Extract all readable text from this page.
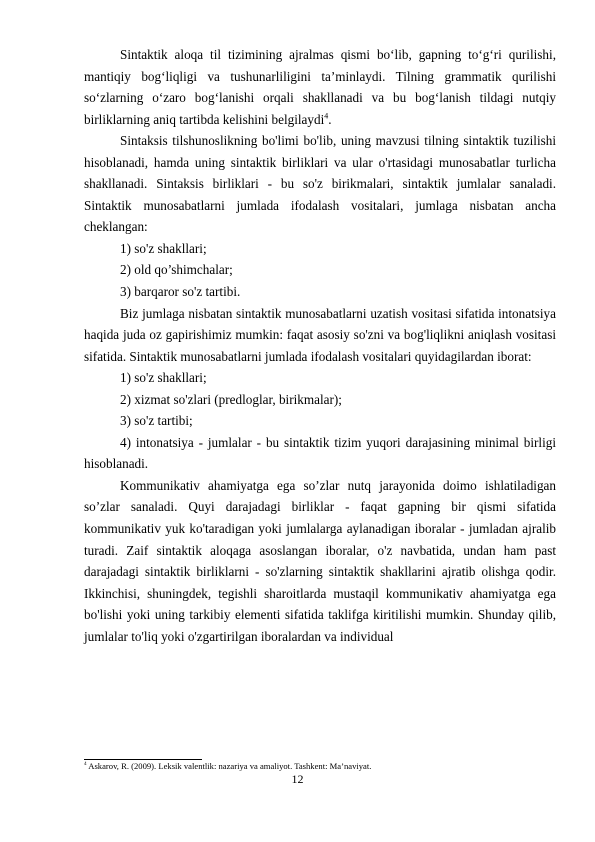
Sintaktik aloqa til tizimining ajralmas qismi bo‘lib, gapning to‘g‘ri qurilishi, mantiqiy bog‘liqligi va tushunarliligini ta’minlaydi. Tilning grammatik qurilishi so‘zlarning o‘zaro bog‘lanishi orqali shakllanadi va bu bog‘lanish tildagi nutqiy birliklarning aniq tartibda kelishini belgilaydi$^4$.

Sintaksis tilshunoslikning bo'limi bo'lib, uning mavzusi tilning sintaktik tuzilishi hisoblanadi, hamda uning sintaktik birliklari va ular o'rtasidagi munosabatlar turlicha shakllanadi. Sintaksis birliklari - bu so'z birikmalari, sintaktik jumlalar sanaladi. Sintaktik munosabatlarni jumlada ifodalash vositalari, jumlaga nisbatan ancha cheklangan:

1) so'z shakllari;

2) old qo’shimchalar;

3) barqaror so'z tartibi.

Biz jumlaga nisbatan sintaktik munosabatlarni uzatish vositasi sifatida intonatsiya haqida juda oz gapirishimiz mumkin: faqat asosiy so'zni va bog'liqlikni aniqlash vositasi sifatida. Sintaktik munosabatlarni jumlada ifodalash vositalari quyidagilardan iborat:

1) so'z shakllari;

2) xizmat so'zlari (predloglar, birikmalar);

3) so'z tartibi;

4) intonatsiya - jumlalar - bu sintaktik tizim yuqori darajasining minimal birligi hisoblanadi.

Kommunikativ ahamiyatga ega so’zlar nutq jarayonida doimo ishlatiladigan so’zlar sanaladi. Quyi darajadagi birliklar - faqat gapning bir qismi sifatida kommunikativ yuk ko'taradigan yoki jumlalarga aylanadigan iboralar - jumladan ajralib turadi. Zaif sintaktik aloqaga asoslangan iboralar, o'z navbatida, undan ham past darajadagi sintaktik birliklarni - so'zlarning sintaktik shakllarini ajratib olishga qodir. Ikkinchisi, shuningdek, tegishli sharoitlarda mustaqil kommunikativ ahamiyatga ega bo'lishi yoki uning tarkibiy elementi sifatida taklifga kiritilishi mumkin. Shunday qilib, jumlalar to'liq yoki o'zgartirilgan iboralardan va individual

$^4$ Askarov, R. (2009). Leksik valentlik: nazariya va amaliyot. Tashkent: Ma’naviyat.
12
